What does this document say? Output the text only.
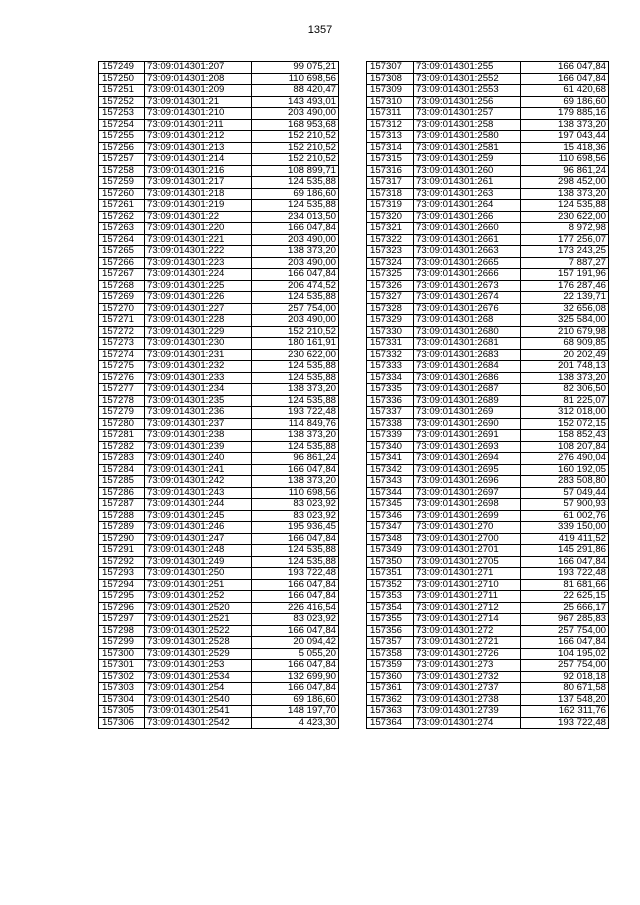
1357
157249	73:09:014301:207	99 075,21
157250	73:09:014301:208	110 698,56
157251	73:09:014301:209	88 420,47
157252	73:09:014301:21	143 493,01
157253	73:09:014301:210	203 490,00
157254	73:09:014301:211	168 953,68
157255	73:09:014301:212	152 210,52
157256	73:09:014301:213	152 210,52
157257	73:09:014301:214	152 210,52
157258	73:09:014301:216	108 899,71
157259	73:09:014301:217	124 535,88
157260	73:09:014301:218	69 186,60
157261	73:09:014301:219	124 535,88
157262	73:09:014301:22	234 013,50
157263	73:09:014301:220	166 047,84
157264	73:09:014301:221	203 490,00
157265	73:09:014301:222	138 373,20
157266	73:09:014301:223	203 490,00
157267	73:09:014301:224	166 047,84
157268	73:09:014301:225	206 474,52
157269	73:09:014301:226	124 535,88
157270	73:09:014301:227	257 754,00
157271	73:09:014301:228	203 490,00
157272	73:09:014301:229	152 210,52
157273	73:09:014301:230	180 161,91
157274	73:09:014301:231	230 622,00
157275	73:09:014301:232	124 535,88
157276	73:09:014301:233	124 535,88
157277	73:09:014301:234	138 373,20
157278	73:09:014301:235	124 535,88
157279	73:09:014301:236	193 722,48
157280	73:09:014301:237	114 849,76
157281	73:09:014301:238	138 373,20
157282	73:09:014301:239	124 535,88
157283	73:09:014301:240	96 861,24
157284	73:09:014301:241	166 047,84
157285	73:09:014301:242	138 373,20
157286	73:09:014301:243	110 698,56
157287	73:09:014301:244	83 023,92
157288	73:09:014301:245	83 023,92
157289	73:09:014301:246	195 936,45
157290	73:09:014301:247	166 047,84
157291	73:09:014301:248	124 535,88
157292	73:09:014301:249	124 535,88
157293	73:09:014301:250	193 722,48
157294	73:09:014301:251	166 047,84
157295	73:09:014301:252	166 047,84
157296	73:09:014301:2520	226 416,54
157297	73:09:014301:2521	83 023,92
157298	73:09:014301:2522	166 047,84
157299	73:09:014301:2528	20 094,42
157300	73:09:014301:2529	5 055,20
157301	73:09:014301:253	166 047,84
157302	73:09:014301:2534	132 699,90
157303	73:09:014301:254	166 047,84
157304	73:09:014301:2540	69 186,60
157305	73:09:014301:2541	148 197,70
157306	73:09:014301:2542	4 423,30
157307	73:09:014301:255	166 047,84
157308	73:09:014301:2552	166 047,84
157309	73:09:014301:2553	61 420,68
157310	73:09:014301:256	69 186,60
157311	73:09:014301:257	179 885,16
157312	73:09:014301:258	138 373,20
157313	73:09:014301:2580	197 043,44
157314	73:09:014301:2581	15 418,36
157315	73:09:014301:259	110 698,56
157316	73:09:014301:260	96 861,24
157317	73:09:014301:261	298 452,00
157318	73:09:014301:263	138 373,20
157319	73:09:014301:264	124 535,88
157320	73:09:014301:266	230 622,00
157321	73:09:014301:2660	8 972,98
157322	73:09:014301:2661	177 256,07
157323	73:09:014301:2663	173 243,25
157324	73:09:014301:2665	7 887,27
157325	73:09:014301:2666	157 191,96
157326	73:09:014301:2673	176 287,46
157327	73:09:014301:2674	22 139,71
157328	73:09:014301:2676	32 656,08
157329	73:09:014301:268	325 584,00
157330	73:09:014301:2680	210 679,98
157331	73:09:014301:2681	68 909,85
157332	73:09:014301:2683	20 202,49
157333	73:09:014301:2684	201 748,13
157334	73:09:014301:2686	138 373,20
157335	73:09:014301:2687	82 306,50
157336	73:09:014301:2689	81 225,07
157337	73:09:014301:269	312 018,00
157338	73:09:014301:2690	152 072,15
157339	73:09:014301:2691	158 852,43
157340	73:09:014301:2693	108 207,84
157341	73:09:014301:2694	276 490,04
157342	73:09:014301:2695	160 192,05
157343	73:09:014301:2696	283 508,80
157344	73:09:014301:2697	57 049,44
157345	73:09:014301:2698	57 900,93
157346	73:09:014301:2699	61 002,76
157347	73:09:014301:270	339 150,00
157348	73:09:014301:2700	419 411,52
157349	73:09:014301:2701	145 291,86
157350	73:09:014301:2705	166 047,84
157351	73:09:014301:271	193 722,48
157352	73:09:014301:2710	81 681,66
157353	73:09:014301:2711	22 625,15
157354	73:09:014301:2712	25 666,17
157355	73:09:014301:2714	967 285,83
157356	73:09:014301:272	257 754,00
157357	73:09:014301:2721	166 047,84
157358	73:09:014301:2726	104 195,02
157359	73:09:014301:273	257 754,00
157360	73:09:014301:2732	92 018,18
157361	73:09:014301:2737	80 671,58
157362	73:09:014301:2738	137 548,20
157363	73:09:014301:2739	162 311,76
157364	73:09:014301:274	193 722,48
